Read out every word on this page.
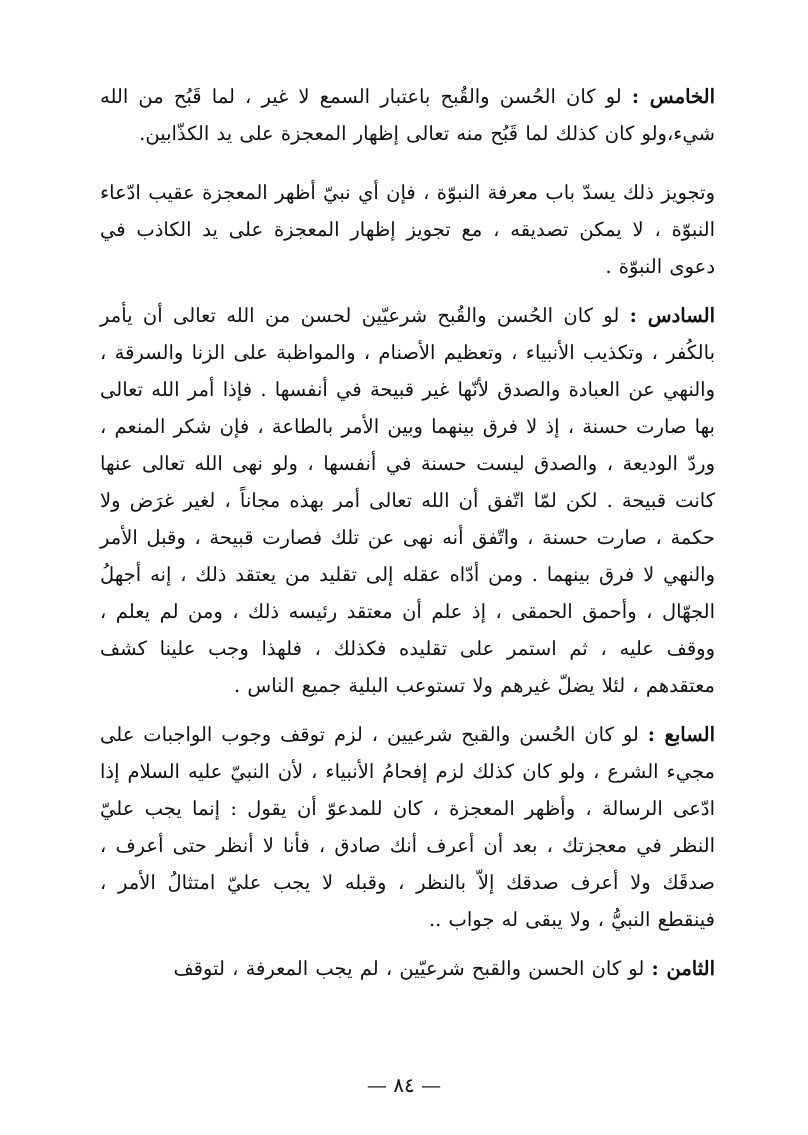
الخامس : لو كان الحُسن والقُبح باعتبار السمع لا غير ، لما قَبُح من الله شيء،ولو كان كذلك لما قَبُح منه تعالى إظهار المعجزة على يد الكذّابين.

وتجويز ذلك يسدّ باب معرفة النبوّة ، فإن أي نبيّ أظهر المعجزة عقيب ادّعاء النبوّة ، لا يمكن تصديقه ، مع تجويز إظهار المعجزة على يد الكاذب في دعوى النبوّة .

السادس : لو كان الحُسن والقُبح شرعيّين لحسن من الله تعالى أن يأمر بالكُفر ، وتكذيب الأنبياء ، وتعظيم الأصنام ، والمواظبة على الزنا والسرقة ، والنهي عن العبادة والصدق لأنّها غير قبيحة في أنفسها . فإذا أمر الله تعالى بها صارت حسنة ، إذ لا فرق بينهما وبين الأمر بالطاعة ، فإن شكر المنعم ، وردّ الوديعة ، والصدق ليست حسنة في أنفسها ، ولو نهى الله تعالى عنها كانت قبيحة . لكن لمّا اتّفق أن الله تعالى أمر بهذه مجاناً ، لغير غرَض ولا حكمة ، صارت حسنة ، واتّفق أنه نهى عن تلك فصارت قبيحة ، وقبل الأمر والنهي لا فرق بينهما . ومن أدّاه عقله إلى تقليد من يعتقد ذلك ، إنه أجهلُ الجهّال ، وأحمق الحمقى ، إذ علم أن معتقد رئيسه ذلك ، ومن لم يعلم ، ووقف عليه ، ثم استمر على تقليده فكذلك ، فلهذا وجب علينا كشف معتقدهم ، لئلا يضلّ غيرهم ولا تستوعب البلية جميع الناس .

السابع : لو كان الحُسن والقبح شرعيين ، لزم توقف وجوب الواجبات على مجيء الشرع ، ولو كان كذلك لزم إفحامُ الأنبياء ، لأن النبيّ عليه السلام إذا ادّعى الرسالة ، وأظهر المعجزة ، كان للمدعوّ أن يقول : إنما يجب عليّ النظر في معجزتك ، بعد أن أعرف أنك صادق ، فأنا لا أنظر حتى أعرف ، صدقَك ولا أعرف صدقك إلاّ بالنظر ، وقبله لا يجب عليّ امتثالُ الأمر ، فينقطع النبيُّ ، ولا يبقى له جواب ..

الثامن : لو كان الحسن والقبح شرعيّين ، لم يجب المعرفة ، لتوقف

— ٨٤ —
